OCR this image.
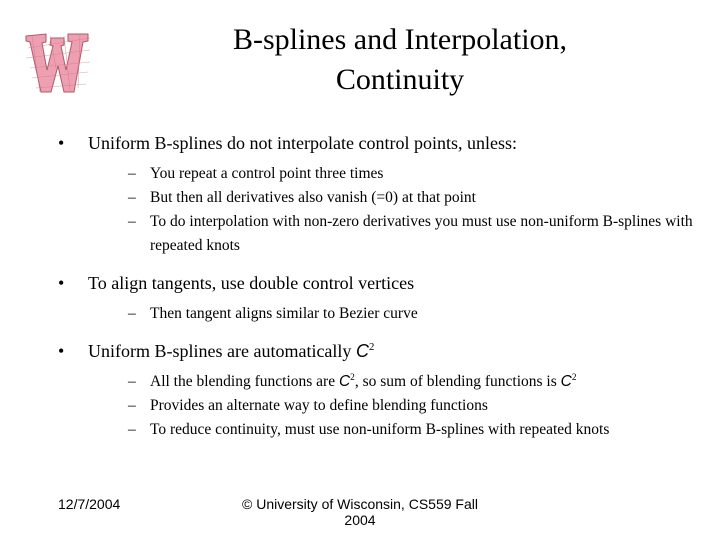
B-splines and Interpolation,
Continuity
• Uniform B-splines do not interpolate control points, unless:
– You repeat a control point three times
– But then all derivatives also vanish (=0) at that point
– To do interpolation with non-zero derivatives you must use non-uniform B-splines with repeated knots
• To align tangents, use double control vertices
– Then tangent aligns similar to Bezier curve
• Uniform B-splines are automatically $C^2$
– All the blending functions are $C^2$, so sum of blending functions is $C^2$
– Provides an alternate way to define blending functions
– To reduce continuity, must use non-uniform B-splines with repeated knots
12/7/2004	© University of Wisconsin, CS559 Fall 2004
